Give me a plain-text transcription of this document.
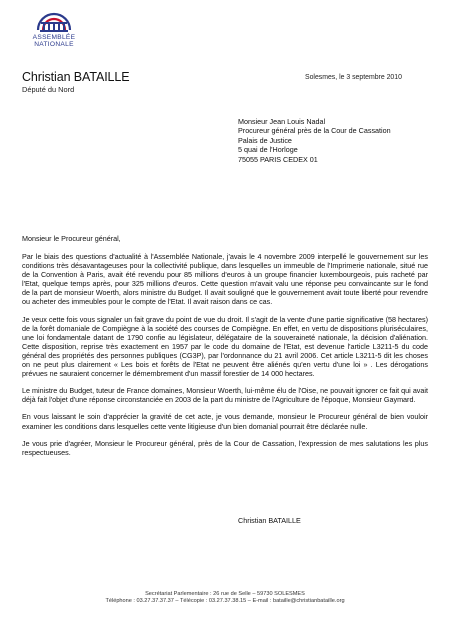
ASSEMBLÉE
NATIONALE
Christian BATAILLE
Député du Nord
Solesmes, le 3 septembre 2010
Monsieur Jean Louis Nadal
Procureur général près de la Cour de Cassation
Palais de Justice
5 quai de l'Horloge
75055 PARIS CEDEX 01
Monsieur le Procureur général,

Par le biais des questions d'actualité à l'Assemblée Nationale, j'avais le 4 novembre 2009 interpellé le gouvernement sur les conditions très désavantageuses pour la collectivité publique, dans lesquelles un immeuble de l'Imprimerie nationale, situé rue de la Convention à Paris, avait été revendu pour 85 millions d'euros à un groupe financier luxembourgeois, puis racheté par l'Etat, quelque temps après, pour 325 millions d'euros. Cette question m'avait valu une réponse peu convaincante sur le fond de la part de monsieur Woerth, alors ministre du Budget. Il avait souligné que le gouvernement avait toute liberté pour revendre ou acheter des immeubles pour le compte de l'Etat. Il avait raison dans ce cas.

Je veux cette fois vous signaler un fait grave du point de vue du droit. Il s'agit de la vente d'une partie significative (58 hectares) de la forêt domaniale de Compiègne à la société des courses de Compiègne. En effet, en vertu de dispositions pluriséculaires, une loi fondamentale datant de 1790 confie au législateur, délégataire de la souveraineté nationale, la décision d'aliénation. Cette disposition, reprise très exactement en 1957 par le code du domaine de l'Etat, est devenue l'article L3211-5 du code général des propriétés des personnes publiques (CG3P), par l'ordonnance du 21 avril 2006. Cet article L3211-5 dit les choses on ne peut plus clairement « Les bois et forêts de l'Etat ne peuvent être aliénés qu'en vertu d'une loi » . Les dérogations prévues ne sauraient concerner le démembrement d'un massif forestier de 14 000 hectares.

Le ministre du Budget, tuteur de France domaines, Monsieur Woerth, lui-même élu de l'Oise, ne pouvait ignorer ce fait qui avait déjà fait l'objet d'une réponse circonstanciée en 2003 de la part du ministre de l'Agriculture de l'époque, Monsieur Gaymard.

En vous laissant le soin d'apprécier la gravité de cet acte, je vous demande, monsieur le Procureur général de bien vouloir examiner les conditions dans lesquelles cette vente litigieuse d'un bien domanial pourrait être déclarée nulle.

Je vous prie d'agréer, Monsieur le Procureur général, près de la Cour de Cassation, l'expression de mes salutations les plus respectueuses.

Christian BATAILLE
Secrétariat Parlementaire : 26 rue de Selle – 59730 SOLESMES
Téléphone : 03.27.37.37.37 – Télécopie : 03.27.37.38.15 – E-mail : bataille@christianbataille.org
